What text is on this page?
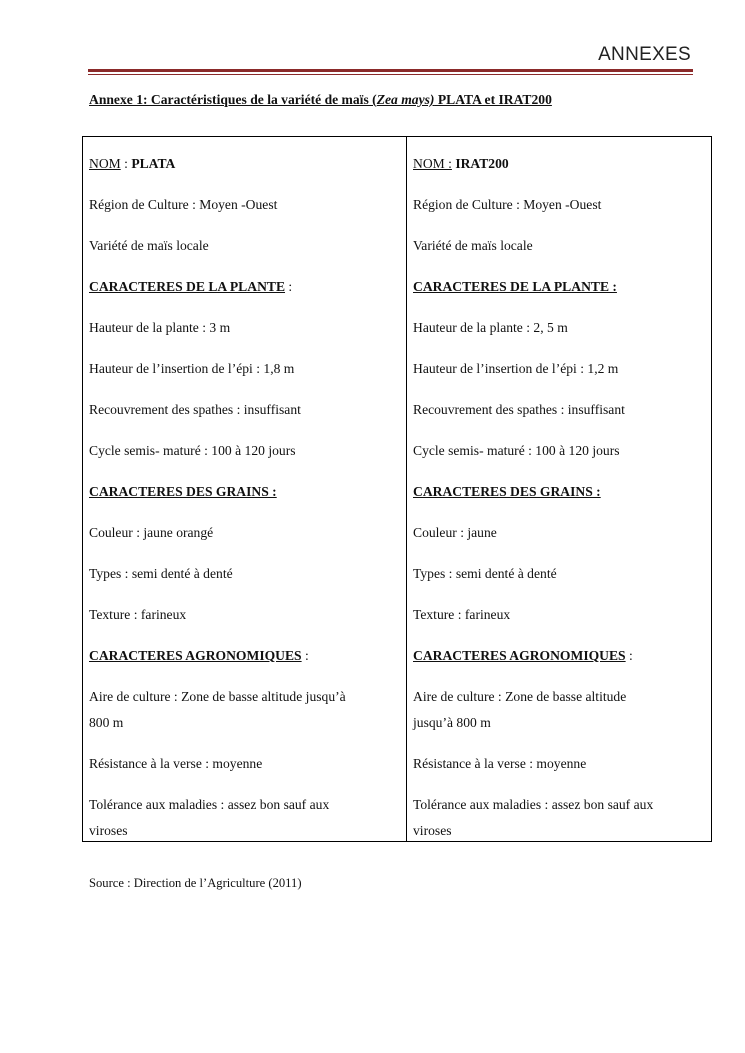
ANNEXES
Annexe 1: Caractéristiques de la variété de maïs (Zea mays) PLATA et IRAT200
NOM : PLATA
Région de Culture : Moyen -Ouest
Variété de maïs locale
CARACTERES DE LA PLANTE :
Hauteur de la plante : 3 m
Hauteur de l’insertion de l’épi : 1,8 m
Recouvrement des spathes : insuffisant
Cycle semis- maturé : 100 à 120 jours
CARACTERES DES GRAINS :
Couleur : jaune orangé
Types : semi denté à denté
Texture : farineux
CARACTERES AGRONOMIQUES :
Aire de culture : Zone de basse altitude jusqu’à
800 m
Résistance à la verse : moyenne
Tolérance aux maladies : assez bon sauf aux
viroses
NOM : IRAT200
Région de Culture : Moyen -Ouest
Variété de maïs locale
CARACTERES DE LA PLANTE :
Hauteur de la plante : 2, 5 m
Hauteur de l’insertion de l’épi : 1,2 m
Recouvrement des spathes : insuffisant
Cycle semis- maturé : 100 à 120 jours
CARACTERES DES GRAINS :
Couleur : jaune
Types : semi denté à denté
Texture : farineux
CARACTERES AGRONOMIQUES :
Aire de culture : Zone de basse altitude
jusqu’à 800 m
Résistance à la verse : moyenne
Tolérance aux maladies : assez bon sauf aux
viroses
Source : Direction de l’Agriculture (2011)
